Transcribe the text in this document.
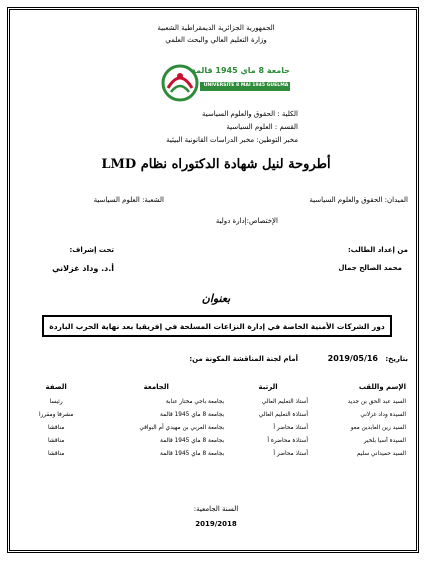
الجمهورية الجزائرية الديمقراطية الشعبية
وزارة التعليم العالي والبحث العلمي
جامعة 8 ماي 1945 قالمة
UNIVERSITE 8 MAI 1945 GUELMA
الكلية : الحقوق والعلوم السياسية
القسم : العلوم السياسية
مخبر التوطين: مخبر الدراسات القانونية البيئية
أطروحة لنيل شهادة الدكتوراه نظام LMD
الميدان: الحقوق والعلوم السياسية
الشعبة: العلوم السياسية
الإختصاص:إدارة دولية
من إعداد الطالب:
محمد الصالح جمال
تحت إشراف:
أ.د. وداد غزلاني
بعنوان
دور الشركات الأمنية الخاصة في إدارة النزاعات المسلحة في إفريقيا بعد نهاية الحرب الباردة
بتاريخ:
2019/05/16
أمام لجنة المناقشة المكونة من:
الإسم واللقب	الرتبة	الجامعة	الصفة
السيد عبد الحق بن جديد	أستاذ التعليم العالي	بجامعة باجي مختار عنابة	رئيسا
السيدة وداد غزلاني	أستاذة التعليم العالي	بجامعة 8 ماي 1945 قالمة	مشرفا ومقررا
السيد زين العابدين معو	أستاذ محاضر أ	بجامعة العربي بن مهيدي أم البواقي	مناقشا
السيدة آسيا بلخير	أستاذة محاضرة أ	بجامعة 8 ماي 1945 قالمة	مناقشا
السيد حميداني سليم	أستاذ محاضر أ	بجامعة 8 ماي 1945 قالمة	مناقشا
السنة الجامعية:
2019/2018
